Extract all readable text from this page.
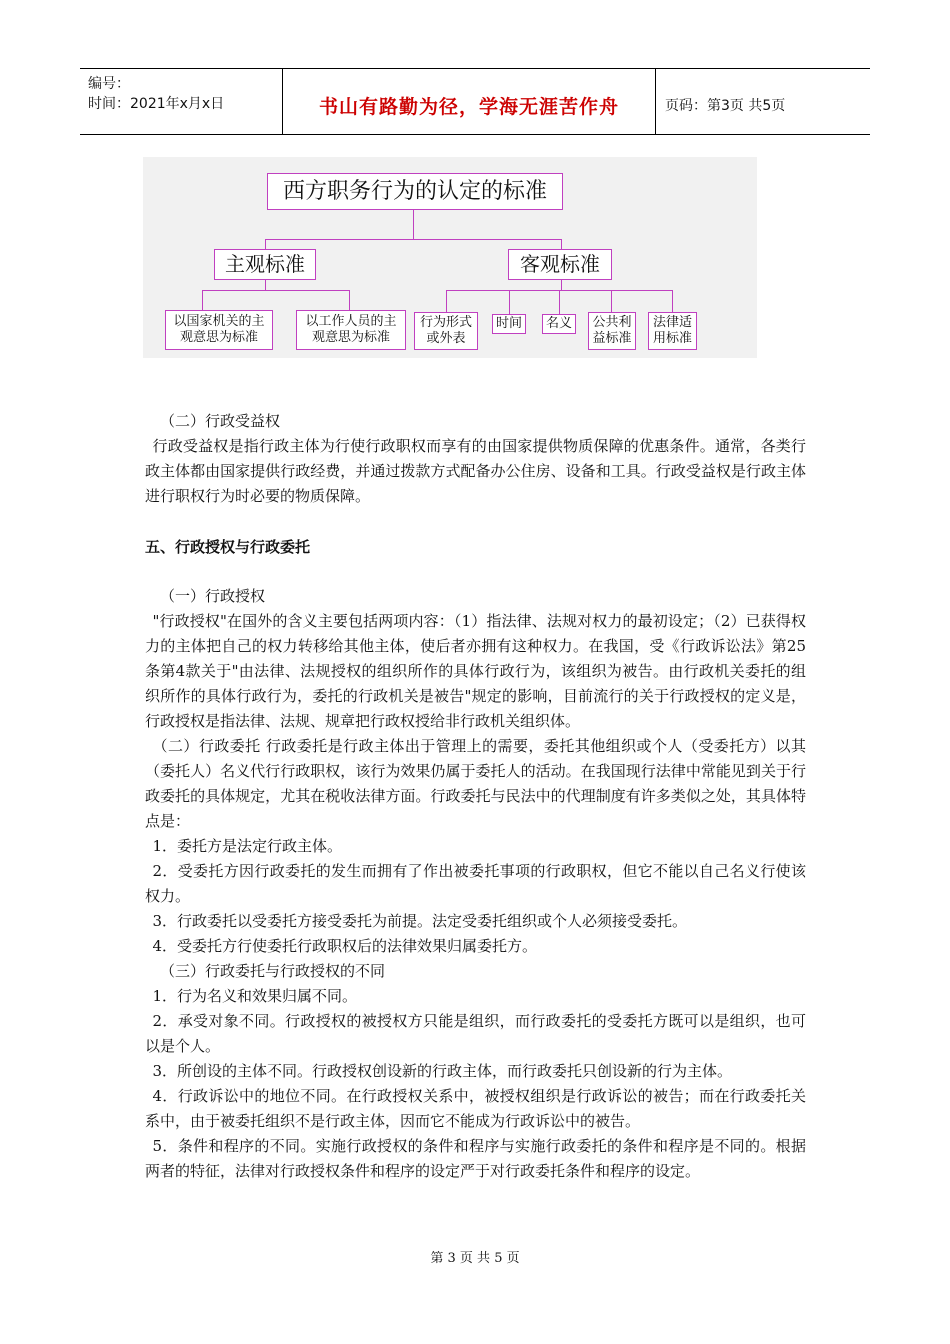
编号：
时间：2021年x月x日	书山有路勤为径，学海无涯苦作舟	页码：第3页 共5页
西方职务行为的认定的标准
主观标准	客观标准
以国家机关的主观意思为标准
以工作人员的主观意思为标准
行为形式或外表
时间	名义	公共利益标准
法律适用标准

（二）行政受益权

行政受益权是指行政主体为行使行政职权而享有的由国家提供物质保障的优惠条件。通常，各类行政主体都由国家提供行政经费，并通过拨款方式配备办公住房、设备和工具。行政受益权是行政主体进行职权行为时必要的物质保障。

五、行政授权与行政委托

（一）行政授权

"行政授权"在国外的含义主要包括两项内容：（1）指法律、法规对权力的最初设定；（2）已获得权力的主体把自己的权力转移给其他主体，使后者亦拥有这种权力。在我国，受《行政诉讼法》第25条第4款关于"由法律、法规授权的组织所作的具体行政行为，该组织为被告。由行政机关委托的组织所作的具体行政行为，委托的行政机关是被告"规定的影响，目前流行的关于行政授权的定义是，行政授权是指法律、法规、规章把行政权授给非行政机关组织体。

（二）行政委托 行政委托是行政主体出于管理上的需要，委托其他组织或个人（受委托方）以其（委托人）名义代行行政职权，该行为效果仍属于委托人的活动。在我国现行法律中常能见到关于行政委托的具体规定，尤其在税收法律方面。行政委托与民法中的代理制度有许多类似之处，其具体特点是：

1．委托方是法定行政主体。

2．受委托方因行政委托的发生而拥有了作出被委托事项的行政职权，但它不能以自己名义行使该权力。

3．行政委托以受委托方接受委托为前提。法定受委托组织或个人必须接受委托。

4．受委托方行使委托行政职权后的法律效果归属委托方。

（三）行政委托与行政授权的不同

1．行为名义和效果归属不同。

2．承受对象不同。行政授权的被授权方只能是组织，而行政委托的受委托方既可以是组织，也可以是个人。

3．所创设的主体不同。行政授权创设新的行政主体，而行政委托只创设新的行为主体。

4．行政诉讼中的地位不同。在行政授权关系中，被授权组织是行政诉讼的被告；而在行政委托关系中，由于被委托组织不是行政主体，因而它不能成为行政诉讼中的被告。

5．条件和程序的不同。实施行政授权的条件和程序与实施行政委托的条件和程序是不同的。根据两者的特征，法律对行政授权条件和程序的设定严于对行政委托条件和程序的设定。

第 3 页 共 5 页
